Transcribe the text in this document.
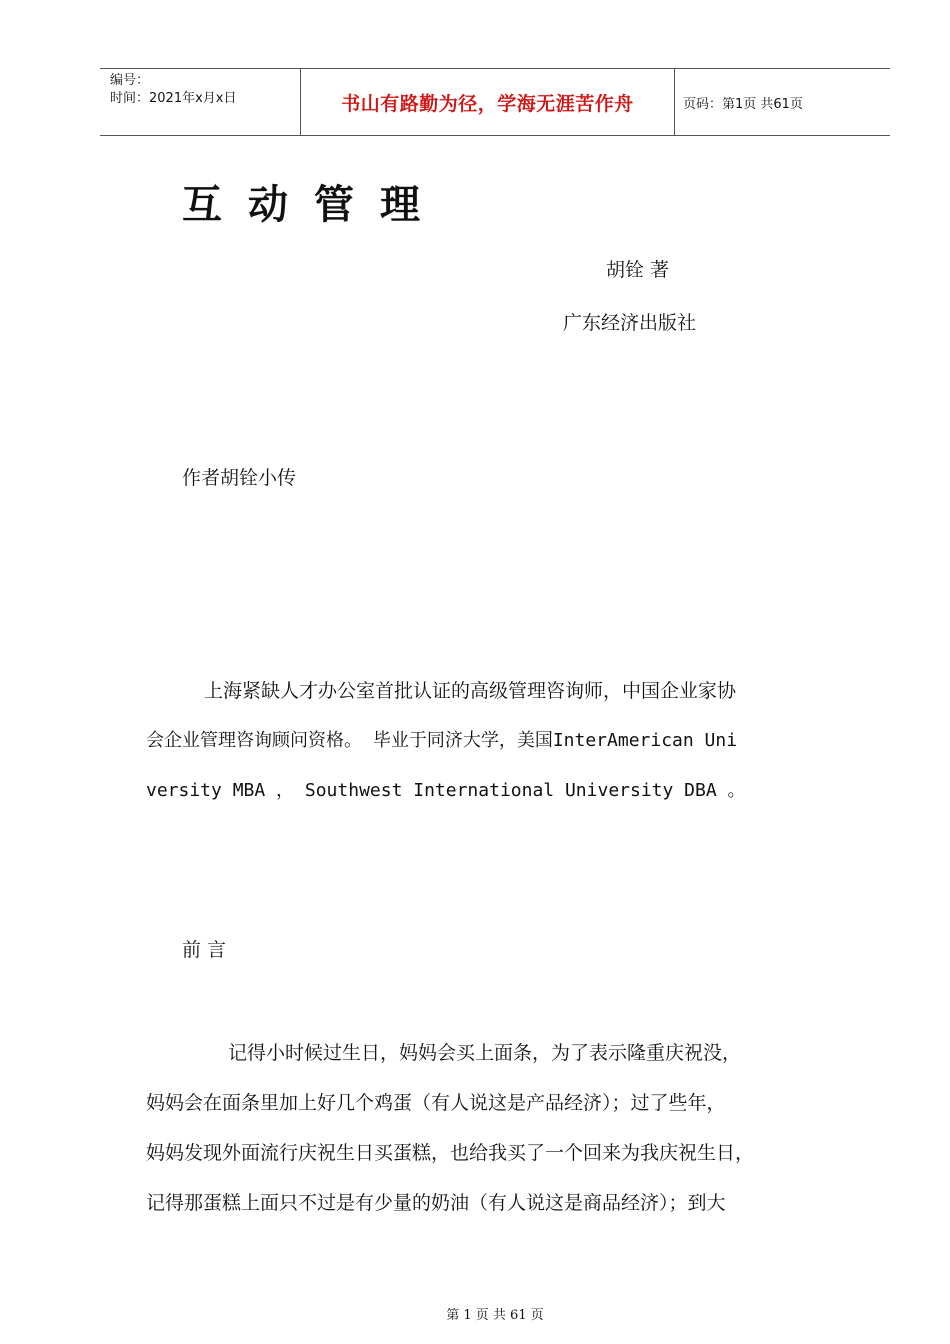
编号：
时间：2021年x月x日	书山有路勤为径，学海无涯苦作舟	页码：第1页 共61页
互动管理
胡铨 著
广东经济出版社
作者胡铨小传
上海紧缺人才办公室首批认证的高级管理咨询师，中国企业家协
会企业管理咨询顾问资格。 毕业于同济大学，美国InterAmerican Uni
versity MBA ， Southwest International University DBA 。
前 言
记得小时候过生日，妈妈会买上面条，为了表示隆重庆祝没，
妈妈会在面条里加上好几个鸡蛋（有人说这是产品经济）；过了些年，
妈妈发现外面流行庆祝生日买蛋糕，也给我买了一个回来为我庆祝生日，
记得那蛋糕上面只不过是有少量的奶油（有人说这是商品经济）；到大
第 1 页 共 61 页
